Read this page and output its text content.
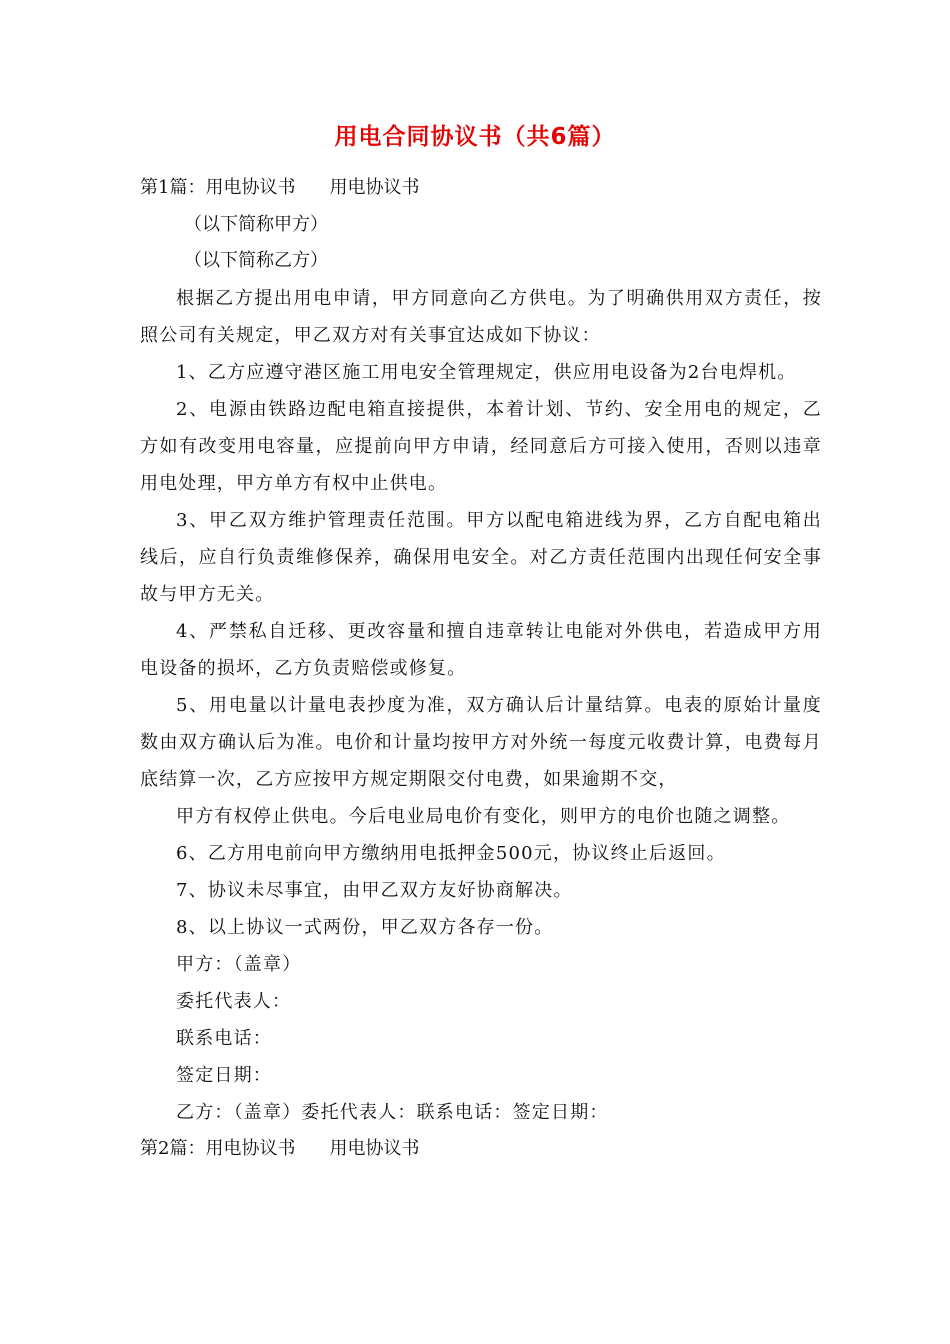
用电合同协议书（共6篇）
第1篇：用电协议书 用电协议书
（以下简称甲方）
（以下简称乙方）
根据乙方提出用电申请，甲方同意向乙方供电。为了明确供用双方责任，按照公司有关规定，甲乙双方对有关事宜达成如下协议：
1、乙方应遵守港区施工用电安全管理规定，供应用电设备为2台电焊机。
2、电源由铁路边配电箱直接提供，本着计划、节约、安全用电的规定，乙方如有改变用电容量，应提前向甲方申请，经同意后方可接入使用，否则以违章用电处理，甲方单方有权中止供电。
3、甲乙双方维护管理责任范围。甲方以配电箱进线为界，乙方自配电箱出线后，应自行负责维修保养，确保用电安全。对乙方责任范围内出现任何安全事故与甲方无关。
4、严禁私自迁移、更改容量和擅自违章转让电能对外供电，若造成甲方用电设备的损坏，乙方负责赔偿或修复。
5、用电量以计量电表抄度为准，双方确认后计量结算。电表的原始计量度数由双方确认后为准。电价和计量均按甲方对外统一每度元收费计算，电费每月底结算一次，乙方应按甲方规定期限交付电费，如果逾期不交，
甲方有权停止供电。今后电业局电价有变化，则甲方的电价也随之调整。
6、乙方用电前向甲方缴纳用电抵押金500元，协议终止后返回。
7、协议未尽事宜，由甲乙双方友好协商解决。
8、以上协议一式两份，甲乙双方各存一份。
甲方：（盖章）
委托代表人：
联系电话：
签定日期：
乙方：（盖章）委托代表人：联系电话：签定日期：
第2篇：用电协议书 用电协议书
